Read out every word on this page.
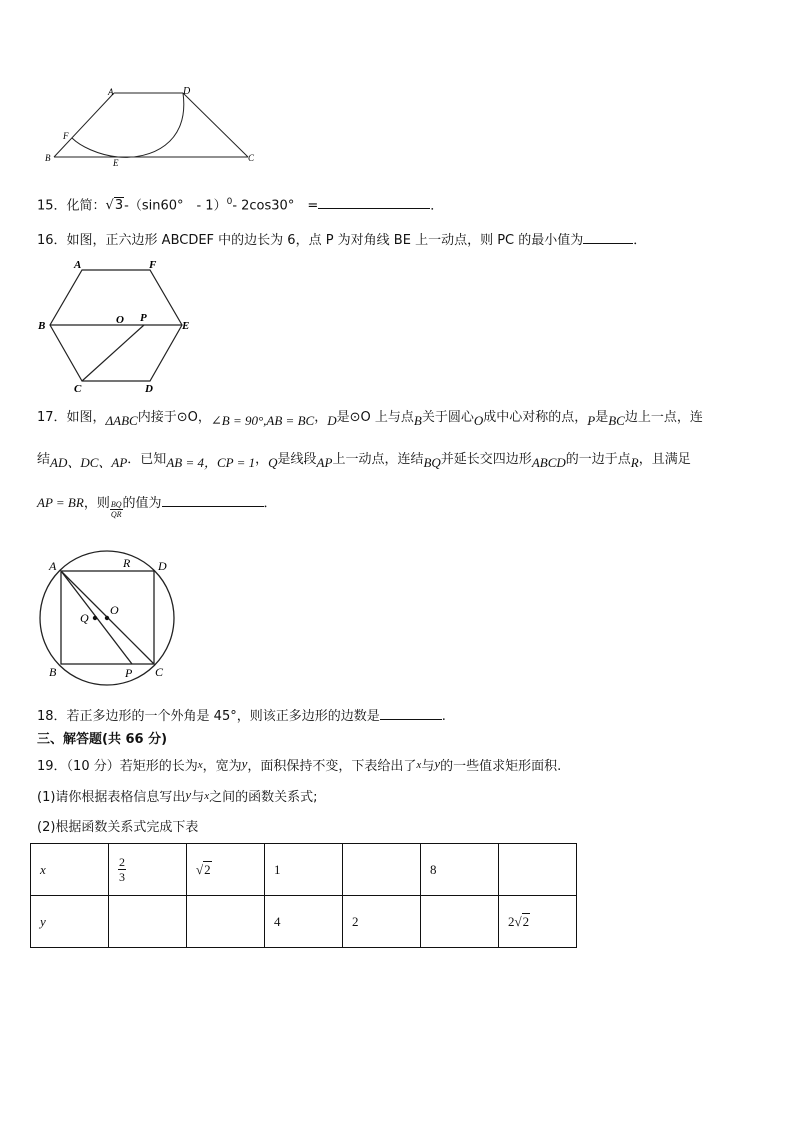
A	D
F
B	E	C
15．化简：√3-（sin60°　- 1）$^0$- 2cos30°　=	．
16．如图，正六边形 ABCDEF 中的边长为 6，点 P 为对角线 BE 上一动点，则 PC 的最小值为	．
A	F
B	O P
E
C	D
17．如图，ΔABC内接于⊙O，∠B = 90°,AB = BC，D是⊙O 上与点B关于圆心O成中心对称的点，P是BC边上一点，连
结AD、DC、AP．已知AB = 4，CP = 1，Q是线段AP上一动点，连结BQ并延长交四边形ABCD的一边于点R，且满足
AP = BR，则 $\frac{BQ}{QR}$ 的值为	．
A	R D
Q
O
B	P C
18．若正多边形的一个外角是 45°，则该正多边形的边数是	.
三、解答题(共 66 分)
19．（10 分）若矩形的长为x，宽为y，面积保持不变，下表给出了x与y的一些值求矩形面积.
(1)请你根据表格信息写出y与x之间的函数关系式;
(2)根据函数关系式完成下表
x	$\frac{2}{3}$	√2	1		8	
y			4	2		2√2
